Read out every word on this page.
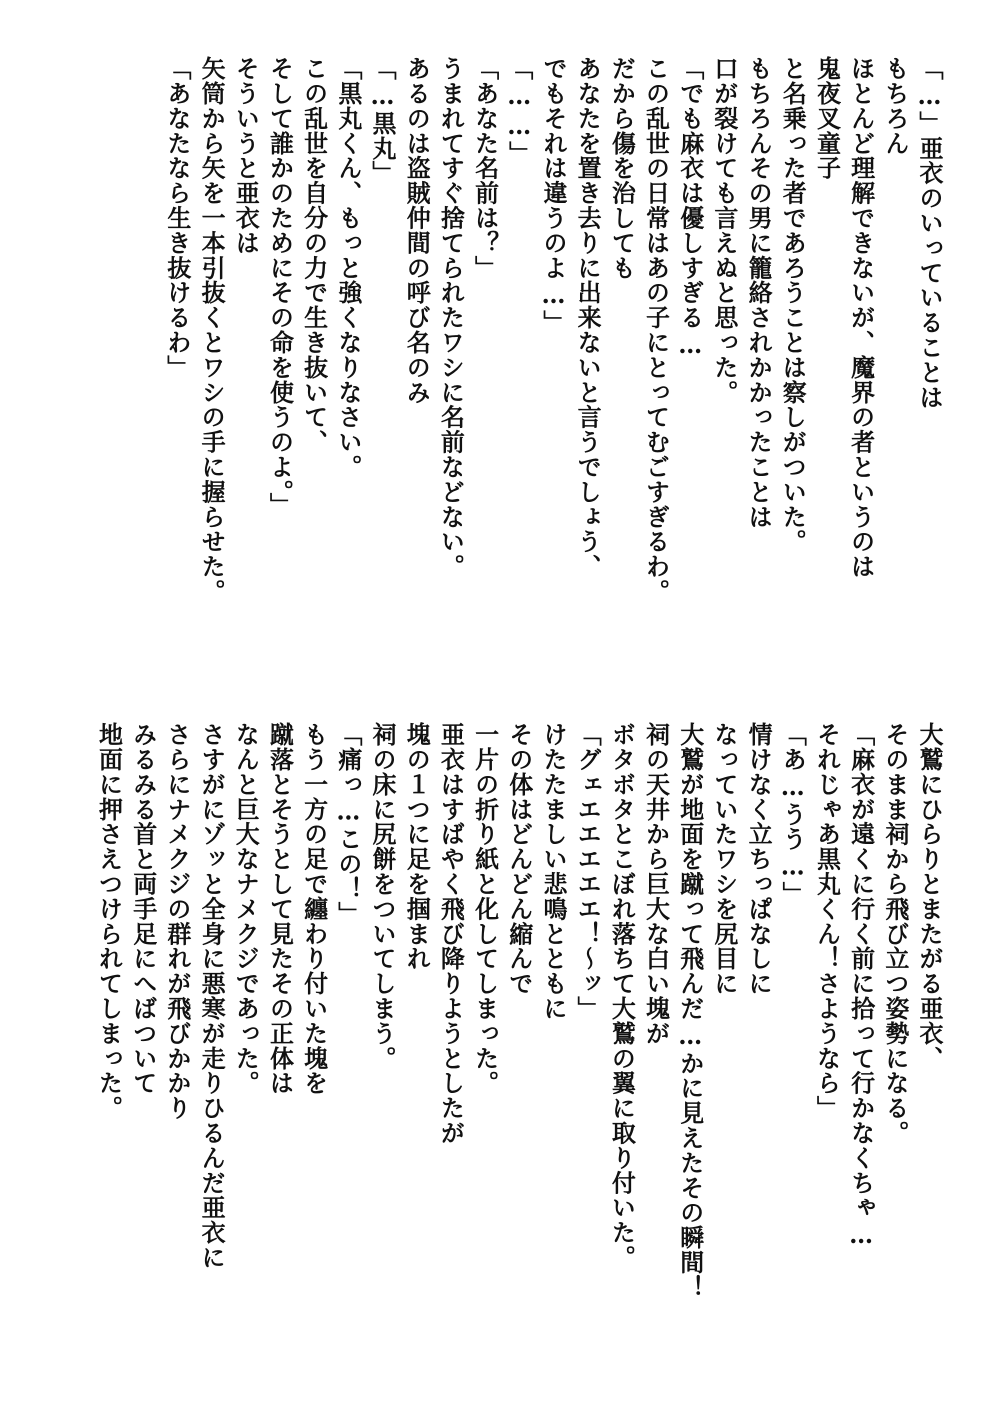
「…」亜衣のいっていることは
もちろん
ほとんど理解できないが、魔界の者というのは
鬼夜叉童子
と名乗った者であろうことは察しがついた。
もちろんその男に籠絡されかかったことは
口が裂けても言えぬと思った。
「でも麻衣は優しすぎる…
この乱世の日常はあの子にとってむごすぎるわ。
だから傷を治しても
あなたを置き去りに出来ないと言うでしょう、
でもそれは違うのよ…」
「……」
「あなた名前は？」
うまれてすぐ捨てられたワシに名前などない。
あるのは盗賊仲間の呼び名のみ
「…黒丸」
「黒丸くん、もっと強くなりなさい。
この乱世を自分の力で生き抜いて、
そして誰かのためにその命を使うのよ。」
そういうと亜衣は
矢筒から矢を一本引抜くとワシの手に握らせた。
「あなたなら生き抜けるわ」
大鷲にひらりとまたがる亜衣、
そのまま祠から飛び立つ姿勢になる。
「麻衣が遠くに行く前に拾って行かなくちゃ…
それじゃあ黒丸くん！さようなら」
「あ…うう…」
情けなく立ちっぱなしに
なっていたワシを尻目に
大鷲が地面を蹴って飛んだ…かに見えたその瞬間！
祠の天井から巨大な白い塊が
ボタボタとこぼれ落ちて大鷲の翼に取り付いた。
「グェエエエエエ！～ッ」
けたたましい悲鳴とともに
その体はどんどん縮んで
一片の折り紙と化してしまった。
亜衣はすばやく飛び降りようとしたが
塊の１つに足を掴まれ
祠の床に尻餅をついてしまう。
「痛っ…この！」
もう一方の足で纏わり付いた塊を
蹴落とそうとして見たその正体は
なんと巨大なナメクジであった。
さすがにゾッと全身に悪寒が走りひるんだ亜衣に
さらにナメクジの群れが飛びかかり
みるみる首と両手足にへばついて
地面に押さえつけられてしまった。
